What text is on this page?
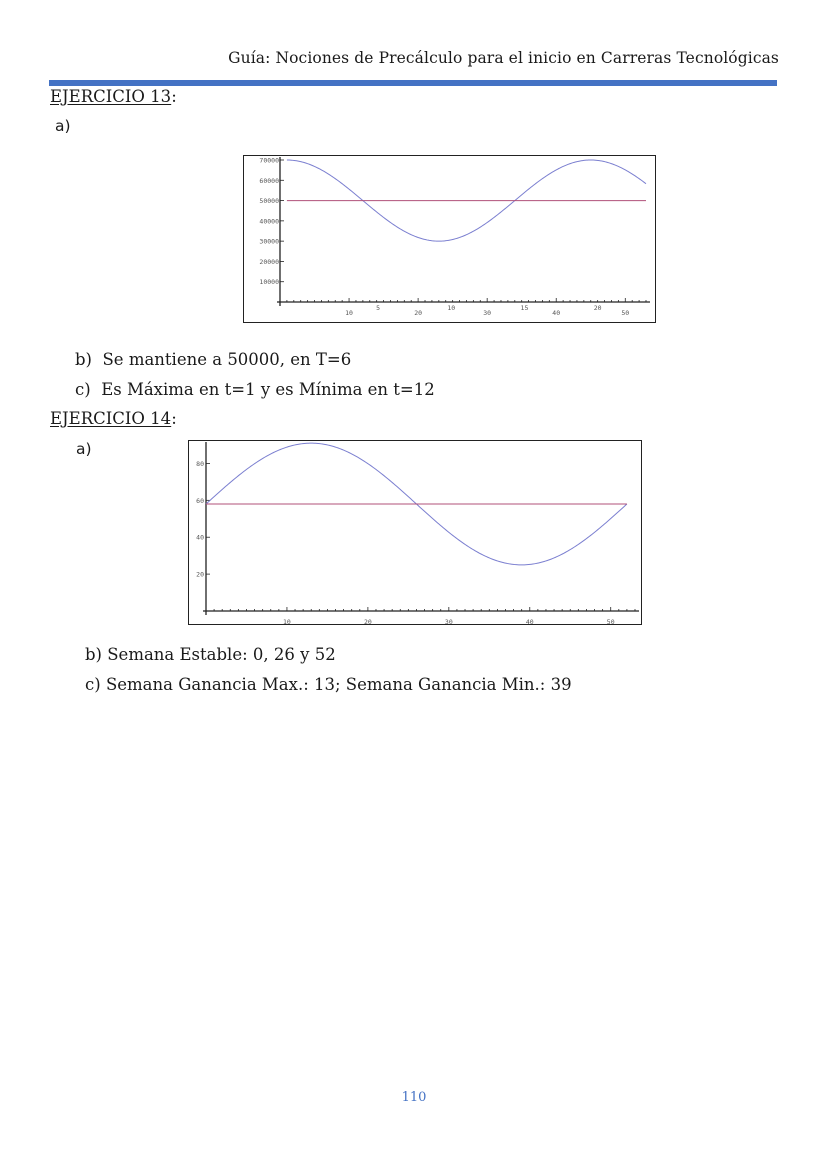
Guía: Nociones de Precálculo para el inicio en Carreras Tecnológicas
EJERCICIO 13:
a)
10000
20000
30000
40000
50000
60000
70000
10	20	30	40	50
5	10	15	20
b) Se mantiene a 50000, en T=6
c) Es Máxima en t=1 y es Mínima en t=12
EJERCICIO 14:
a)
20
40
60
80
10	20	30	40	50
b) Semana Estable: 0, 26 y 52
c) Semana Ganancia Max.: 13; Semana Ganancia Min.: 39
110
